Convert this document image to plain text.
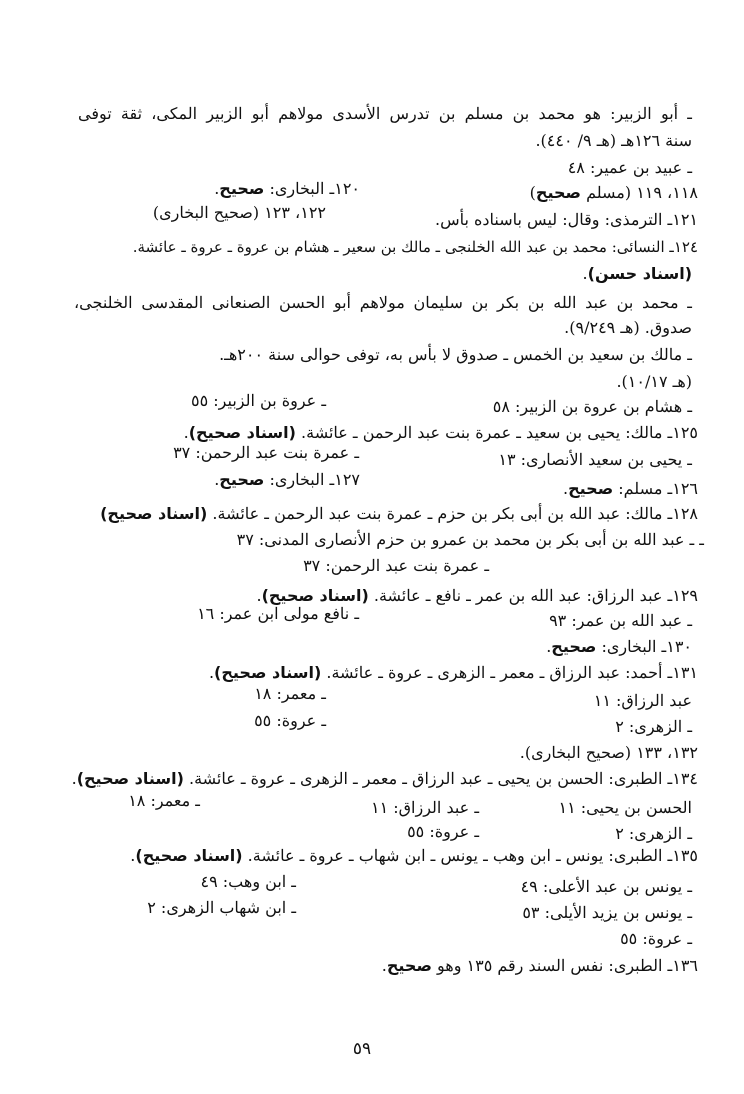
ـ أبو الزبير: هو محمد بن مسلم بن تدرس الأسدى مولاهم أبو الزبير المكى، ثقة توفى
سنة ١٢٦هـ (هـ ٩/ ٤٤٠).
ـ عبيد بن عمير: ٤٨
١١٨، ١١٩ (مسلم صحيح)
١٢٠ـ البخارى: صحيح.
١٢١ـ الترمذى: وقال: ليس باسناده بأس.
١٢٢، ١٢٣ (صحيح البخارى)
١٢٤ـ النسائى: محمد بن عبد الله الخلنجى ـ مالك بن سعير ـ هشام بن عروة ـ عروة ـ عائشة.
(اسناد حسن).
ـ محمد بن عبد الله بن بكر بن سليمان مولاهم أبو الحسن الصنعانى المقدسى الخلنجى،
صدوق. (هـ ٩/٢٤٩).
ـ مالك بن سعيد بن الخمس ـ صدوق لا بأس به، توفى حوالى سنة ٢٠٠هـ.
(هـ ١٠/١٧).
ـ هشام بن عروة بن الزبير: ٥٨
ـ عروة بن الزبير: ٥٥
١٢٥ـ مالك: يحيى بن سعيد ـ عمرة بنت عبد الرحمن ـ عائشة. (اسناد صحيح).
ـ يحيى بن سعيد الأنصارى: ١٣
ـ عمرة بنت عبد الرحمن: ٣٧
١٢٦ـ مسلم: صحيح.
١٢٧ـ البخارى: صحيح.
١٢٨ـ مالك: عبد الله بن أبى بكر بن حزم ـ عمرة بنت عبد الرحمن ـ عائشة. (اسناد صحيح)
ـ ـ عبد الله بن أبى بكر بن محمد بن عمرو بن حزم الأنصارى المدنى: ٣٧
ـ عمرة بنت عبد الرحمن: ٣٧
١٢٩ـ عبد الرزاق: عبد الله بن عمر ـ نافع ـ عائشة. (اسناد صحيح).
ـ عبد الله بن عمر: ٩٣
ـ نافع مولى ابن عمر: ١٦
١٣٠ـ البخارى: صحيح.
١٣١ـ أحمد: عبد الرزاق ـ معمر ـ الزهرى ـ عروة ـ عائشة. (اسناد صحيح).
عبد الرزاق: ١١
ـ معمر: ١٨
ـ الزهرى: ٢
ـ عروة: ٥٥
١٣٢، ١٣٣ (صحيح البخارى).
١٣٤ـ الطبرى: الحسن بن يحيى ـ عبد الرزاق ـ معمر ـ الزهرى ـ عروة ـ عائشة. (اسناد صحيح).
الحسن بن يحيى: ١١
ـ عبد الرزاق: ١١
ـ معمر: ١٨
ـ الزهرى: ٢
ـ عروة: ٥٥
١٣٥ـ الطبرى: يونس ـ ابن وهب ـ يونس ـ ابن شهاب ـ عروة ـ عائشة. (اسناد صحيح).
ـ يونس بن عبد الأعلى: ٤٩
ـ ابن وهب: ٤٩
ـ يونس بن يزيد الأيلى: ٥٣
ـ ابن شهاب الزهرى: ٢
ـ عروة: ٥٥
١٣٦ـ الطبرى: نفس السند رقم ١٣٥ وهو صحيح.
٥٩
